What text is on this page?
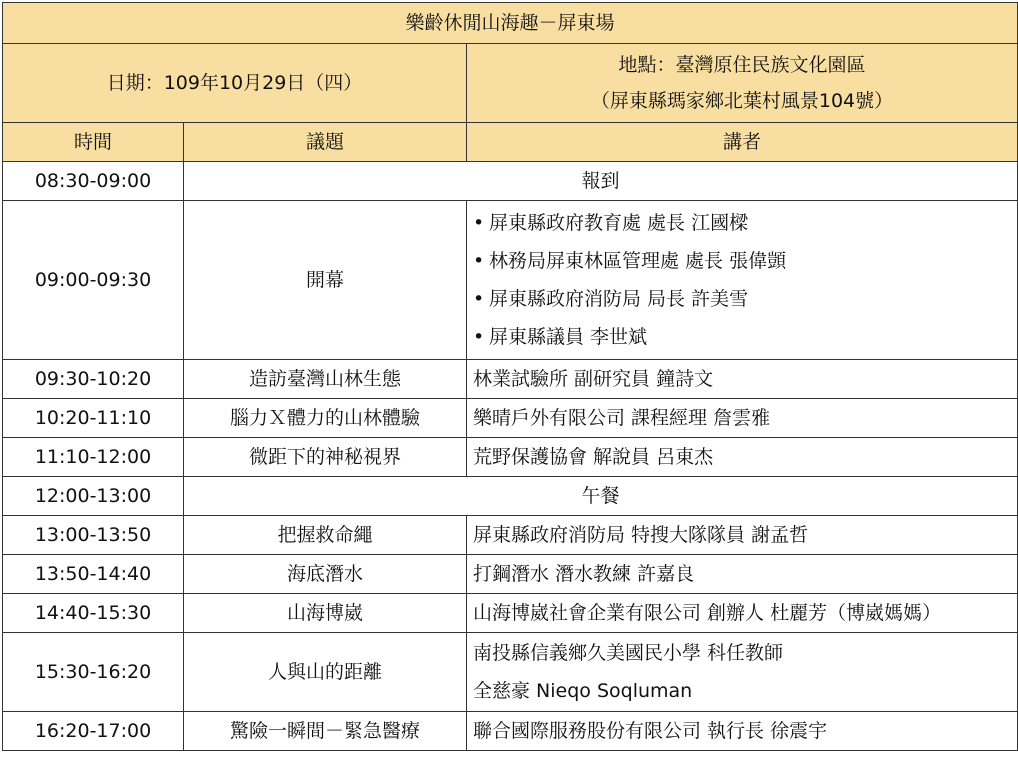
樂齡休閒山海趣－屏東場		
日期：109年10月29日（四）		地點：臺灣原住民族文化園區
（屏東縣瑪家鄉北葉村風景104號）

時間	議題	講者
08:30-09:00	報到	
09:00-09:30	開幕	• 屏東縣政府教育處 處長 江國樑
• 林務局屏東林區管理處 處長 張偉顗
• 屏東縣政府消防局 局長 許美雪
• 屏東縣議員 李世斌

09:30-10:20	造訪臺灣山林生態	林業試驗所 副研究員 鐘詩文
10:20-11:10	腦力Ｘ體力的山林體驗	樂晴戶外有限公司 課程經理 詹雲雅
11:10-12:00	微距下的神秘視界	荒野保護協會 解說員 呂東杰
12:00-13:00	午餐	
13:00-13:50	把握救命繩	屏東縣政府消防局 特搜大隊隊員 謝孟哲
13:50-14:40	海底潛水	打鋼潛水 潛水教練 許嘉良
14:40-15:30	山海博崴	山海博崴社會企業有限公司 創辦人 杜麗芳（博崴媽媽）
15:30-16:20	人與山的距離	南投縣信義鄉久美國民小學 科任教師
全慈豪 Nieqo Soqluman

16:20-17:00	驚險一瞬間－緊急醫療	聯合國際服務股份有限公司 執行長 徐震宇
